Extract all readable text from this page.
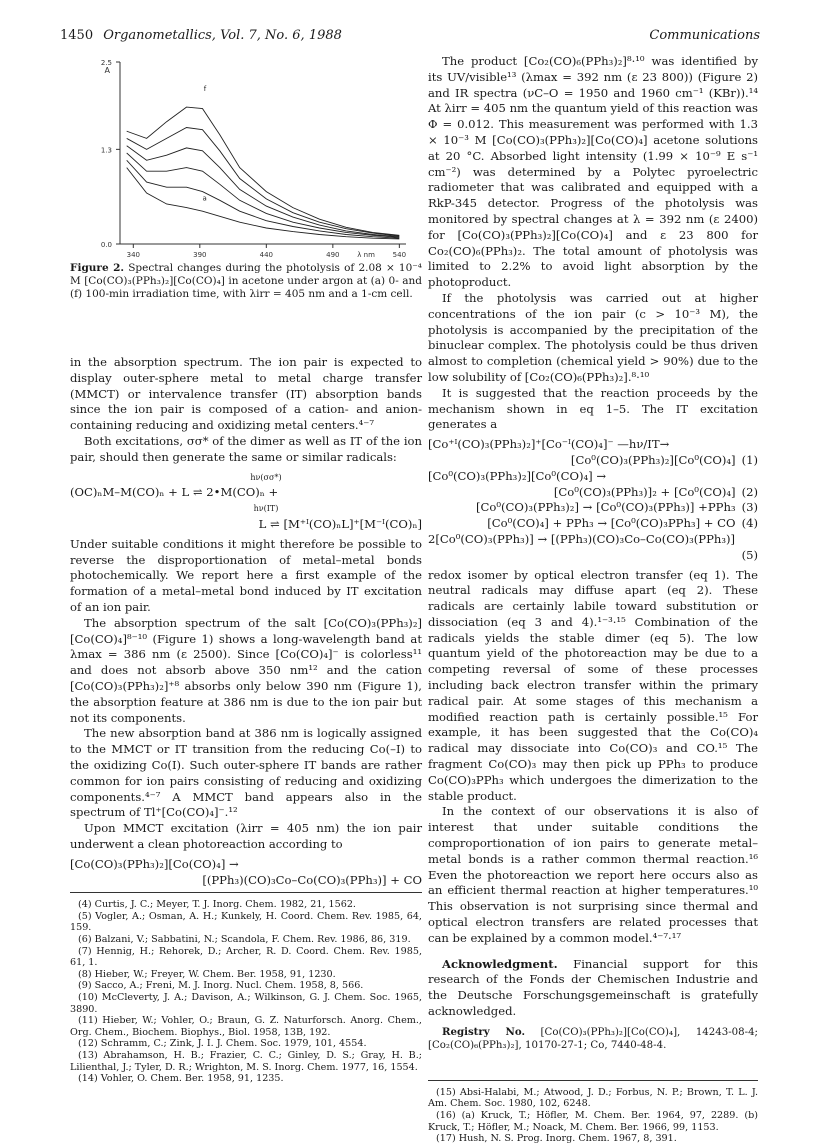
1450 Organometallics, Vol. 7, No. 6, 1988	Communications
2.5
1.3
0.0
340	390	440	490	540
A
λ nm
f
a

Figure 2. Spectral changes during the photolysis of 2.08 × 10⁻⁴ M [Co(CO)₃(PPh₃)₂][Co(CO)₄] in acetone under argon at (a) 0- and (f) 100-min irradiation time, with λirr = 405 nm and a 1-cm cell.

in the absorption spectrum. The ion pair is expected to display outer-sphere metal to metal charge transfer (MMCT) or intervalence transfer (IT) absorption bands since the ion pair is composed of a cation- and anion-containing reducing and oxidizing metal centers.⁴⁻⁷

Both excitations, σσ* of the dimer as well as IT of the ion pair, should then generate the same or similar radicals:

hν(σσ*)
(OC)ₙM–M(CO)ₙ + L ⇌ 2•M(CO)ₙ +
hν(IT)
L ⇌ [M⁺ᴵ(CO)ₙL]⁺[M⁻ᴵ(CO)ₙ]

Under suitable conditions it might therefore be possible to reverse the disproportionation of metal–metal bonds photochemically. We report here a first example of the formation of a metal–metal bond induced by IT excitation of an ion pair.

The absorption spectrum of the salt [Co(CO)₃(PPh₃)₂][Co(CO)₄]⁸⁻¹⁰ (Figure 1) shows a long-wavelength band at λmax = 386 nm (ε 2500). Since [Co(CO)₄]⁻ is colorless¹¹ and does not absorb above 350 nm¹² and the cation [Co(CO)₃(PPh₃)₂]⁺⁸ absorbs only below 390 nm (Figure 1), the absorption feature at 386 nm is due to the ion pair but not its components.

The new absorption band at 386 nm is logically assigned to the MMCT or IT transition from the reducing Co(–I) to the oxidizing Co(I). Such outer-sphere IT bands are rather common for ion pairs consisting of reducing and oxidizing components.⁴⁻⁷ A MMCT band appears also in the spectrum of Tl⁺[Co(CO)₄]⁻.¹²

Upon MMCT excitation (λirr = 405 nm) the ion pair underwent a clean photoreaction according to

[Co(CO)₃(PPh₃)₂][Co(CO)₄] →
[(PPh₃)(CO)₃Co–Co(CO)₃(PPh₃)] + CO

(4) Curtis, J. C.; Meyer, T. J. Inorg. Chem. 1982, 21, 1562.

(5) Vogler, A.; Osman, A. H.; Kunkely, H. Coord. Chem. Rev. 1985, 64, 159.

(6) Balzani, V.; Sabbatini, N.; Scandola, F. Chem. Rev. 1986, 86, 319.

(7) Hennig, H.; Rehorek, D.; Archer, R. D. Coord. Chem. Rev. 1985, 61, 1.

(8) Hieber, W.; Freyer, W. Chem. Ber. 1958, 91, 1230.

(9) Sacco, A.; Freni, M. J. Inorg. Nucl. Chem. 1958, 8, 566.

(10) McCleverty, J. A.; Davison, A.; Wilkinson, G. J. Chem. Soc. 1965, 3890.

(11) Hieber, W.; Vohler, O.; Braun, G. Z. Naturforsch. Anorg. Chem., Org. Chem., Biochem. Biophys., Biol. 1958, 13B, 192.

(12) Schramm, C.; Zink, J. I. J. Chem. Soc. 1979, 101, 4554.

(13) Abrahamson, H. B.; Frazier, C. C.; Ginley, D. S.; Gray, H. B.; Lilienthal, J.; Tyler, D. R.; Wrighton, M. S. Inorg. Chem. 1977, 16, 1554.

(14) Vohler, O. Chem. Ber. 1958, 91, 1235.

The product [Co₂(CO)₆(PPh₃)₂]⁸·¹⁰ was identified by its UV/visible¹³ (λmax = 392 nm (ε 23 800)) (Figure 2) and IR spectra (νC–O = 1950 and 1960 cm⁻¹ (KBr)).¹⁴ At λirr = 405 nm the quantum yield of this reaction was Φ = 0.012. This measurement was performed with 1.3 × 10⁻³ M [Co(CO)₃(PPh₃)₂][Co(CO)₄] acetone solutions at 20 °C. Absorbed light intensity (1.99 × 10⁻⁹ E s⁻¹ cm⁻²) was determined by a Polytec pyroelectric radiometer that was calibrated and equipped with a RkP-345 detector. Progress of the photolysis was monitored by spectral changes at λ = 392 nm (ε 2400) for [Co(CO)₃(PPh₃)₂][Co(CO)₄] and ε 23 800 for Co₂(CO)₆(PPh₃)₂. The total amount of photolysis was limited to 2.2% to avoid light absorption by the photoproduct.

If the photolysis was carried out at higher concentrations of the ion pair (c > 10⁻³ M), the photolysis is accompanied by the precipitation of the binuclear complex. The photolysis could be thus driven almost to completion (chemical yield > 90%) due to the low solubility of [Co₂(CO)₆(PPh₃)₂].⁸·¹⁰

It is suggested that the reaction proceeds by the mechanism shown in eq 1–5. The IT excitation generates a

[Co⁺ᴵ(CO)₃(PPh₃)₂]⁺[Co⁻ᴵ(CO)₄]⁻ —hν/IT→
[Co⁰(CO)₃(PPh₃)₂][Co⁰(CO)₄] (1)
[Co⁰(CO)₃(PPh₃)₂][Co⁰(CO)₄] →
[Co⁰(CO)₃(PPh₃)]₂ + [Co⁰(CO)₄] (2)
[Co⁰(CO)₃(PPh₃)₂] → [Co⁰(CO)₃(PPh₃)] +PPh₃ (3)
[Co⁰(CO)₄] + PPh₃ → [Co⁰(CO)₃PPh₃] + CO (4)
2[Co⁰(CO)₃(PPh₃)] → [(PPh₃)(CO)₃Co–Co(CO)₃(PPh₃)]
(5)

redox isomer by optical electron transfer (eq 1). The neutral radicals may diffuse apart (eq 2). These radicals are certainly labile toward substitution or dissociation (eq 3 and 4).¹⁻³·¹⁵ Combination of the radicals yields the stable dimer (eq 5). The low quantum yield of the photoreaction may be due to a competing reversal of some of these processes including back electron transfer within the primary radical pair. At some stages of this mechanism a modified reaction path is certainly possible.¹⁵ For example, it has been suggested that the Co(CO)₄ radical may dissociate into Co(CO)₃ and CO.¹⁵ The fragment Co(CO)₃ may then pick up PPh₃ to produce Co(CO)₃PPh₃ which undergoes the dimerization to the stable product.

In the context of our observations it is also of interest that under suitable conditions the comproportionation of ion pairs to generate metal–metal bonds is a rather common thermal reaction.¹⁶ Even the photoreaction we report here occurs also as an efficient thermal reaction at higher temperatures.¹⁰ This observation is not surprising since thermal and optical electron transfers are related processes that can be explained by a common model.⁴⁻⁷·¹⁷

Acknowledgment. Financial support for this research of the Fonds der Chemischen Industrie and the Deutsche Forschungsgemeinschaft is gratefully acknowledged.

Registry No. [Co(CO)₃(PPh₃)₂][Co(CO)₄], 14243-08-4; [Co₂(CO)₆(PPh₃)₂], 10170-27-1; Co, 7440-48-4.

(15) Absi-Halabi, M.; Atwood, J. D.; Forbus, N. P.; Brown, T. L. J. Am. Chem. Soc. 1980, 102, 6248.

(16) (a) Kruck, T.; Höfler, M. Chem. Ber. 1964, 97, 2289. (b) Kruck, T.; Höfler, M.; Noack, M. Chem. Ber. 1966, 99, 1153.

(17) Hush, N. S. Prog. Inorg. Chem. 1967, 8, 391.
